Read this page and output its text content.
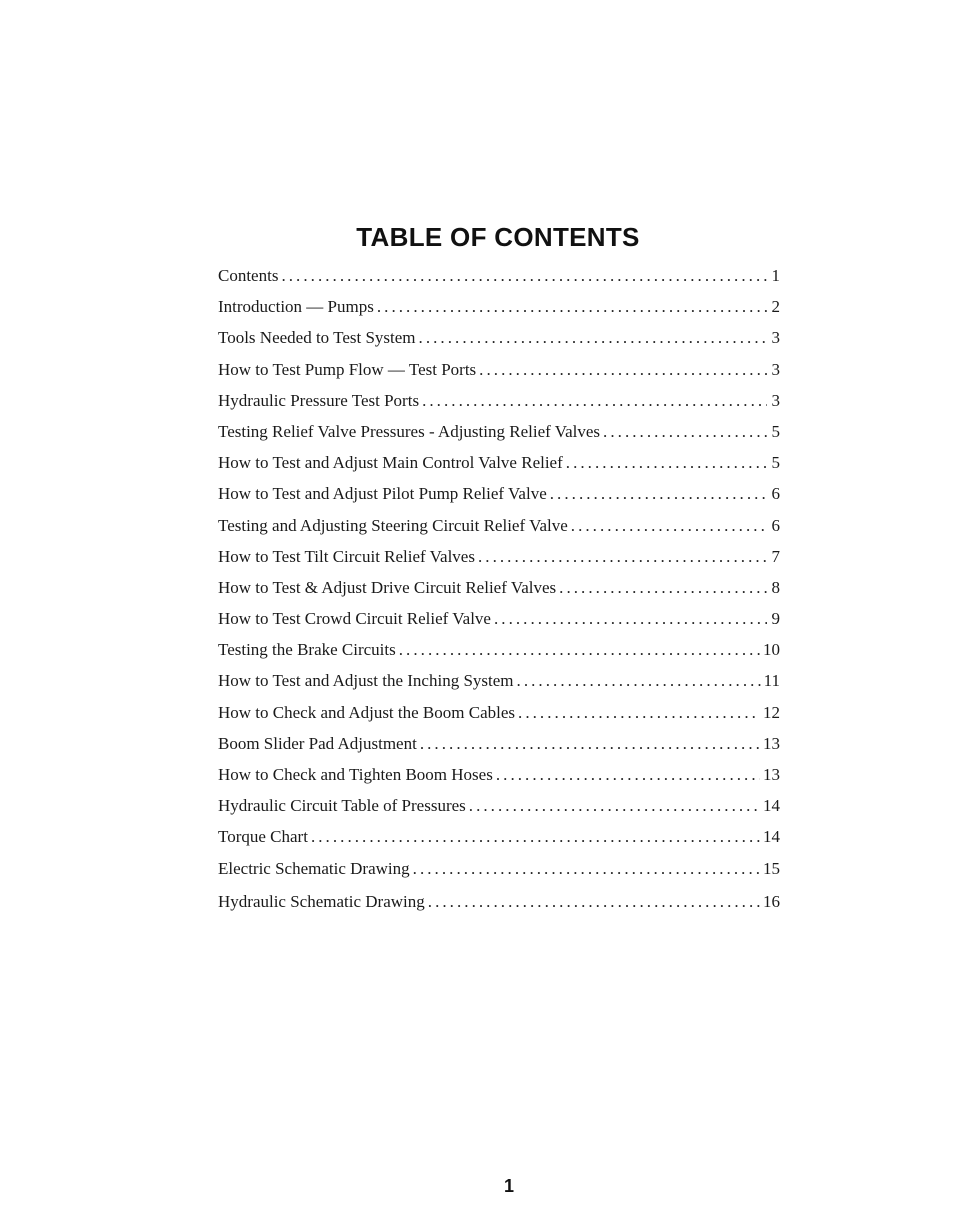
TABLE OF CONTENTS
Contents . . .	1
Introduction — Pumps . . .	2
Tools Needed to Test System . . .	3
How to Test Pump Flow — Test Ports . . .	3
Hydraulic Pressure Test Ports . . .	3
Testing Relief Valve Pressures - Adjusting Relief Valves . . .	5
How to Test and Adjust Main Control Valve Relief . . .	5
How to Test and Adjust Pilot Pump Relief Valve . . .	6
Testing and Adjusting Steering Circuit Relief Valve . . .	6
How to Test Tilt Circuit Relief Valves . . .	7
How to Test & Adjust Drive Circuit Relief Valves . . .	8
How to Test Crowd Circuit Relief Valve . . .	9
Testing the Brake Circuits . . .	10
How to Test and Adjust the Inching System . . .	11
How to Check and Adjust the Boom Cables . . .	12
Boom Slider Pad Adjustment . . .	13
How to Check and Tighten Boom Hoses . . .	13
Hydraulic Circuit Table of Pressures . . .	14
Torque Chart . . .	14
Electric Schematic Drawing . . .	15
Hydraulic Schematic Drawing . . .	16
1
